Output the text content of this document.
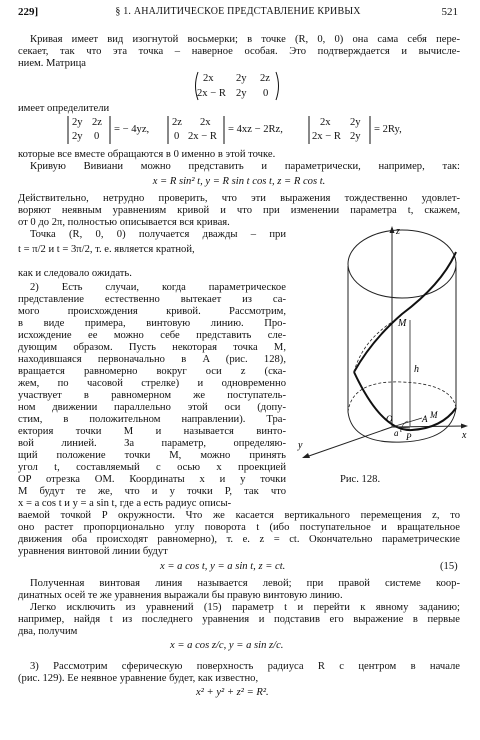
229]	§ 1. АНАЛИТИЧЕСКОЕ ПРЕДСТАВЛЕНИЕ КРИВЫХ	521
Кривая имеет вид изогнутой восьмерки; в точке (R, 0, 0) она сама себя пере-
секает, так что эта точка – наверное особая. Это подтверждается и вычисле-
нием. Матрица
2x 2y 2z
2x − R 2y 0
имеет определители
2y 2z
2y 0
= − 4yz,
2z 2x
0 2x − R
= 4xz − 2Rz,
2x 2y
2x − R 2y
= 2Ry,
которые все вместе обращаются в 0 именно в этой точке.
Кривую Вивиани можно представить и параметрически, например, так:
x = R sin² t, y = R sin t cos t, z = R cos t.
Действительно, нетрудно проверить, что эти выражения тождественно удовлет-
воряют неявным уравнениям кривой и что при изменении параметра t, скажем,
от 0 до 2π, полностью описывается вся кривая.
Точка (R, 0, 0) получается дважды – при
t = π/2 и t = 3π/2, т. е. является кратной,
как и следовало ожидать.
2) Есть случаи, когда параметрическое
представление естественно вытекает из са-
мого происхождения кривой. Рассмотрим,
в виде примера, винтовую линию. Про-
исхождение ее можно себе представить сле-
дующим образом. Пусть некоторая точка M,
находившаяся первоначально в A (рис. 128),
вращается равномерно вокруг оси z (ска-
жем, по часовой стрелке) и одновременно
участвует в равномерном же поступатель-
ном движении параллельно этой оси (допу-
стим, в положительном направлении). Тра-
ектория точки M и называется винто-
вой линией. За параметр, определяю-
щий положение точки M, можно принять
угол t, составляемый с осью x проекцией
OP отрезка OM. Координаты x и y точки
M будут те же, что и у точки P, так что
x = a cos t и y = a sin t, где a есть радиус описы-
ваемой точкой P окружности. Что же касается вертикального перемещения z, то
оно растет пропорционально углу поворота t (ибо поступательное и вращательное
движения оба происходят равномерно), т. е. z = ct. Окончательно параметрические
уравнения винтовой линии будут
x = a cos t, y = a sin t, z = ct.	(15)
Полученная винтовая линия называется левой; при правой системе коор-
динатных осей те же уравнения выражали бы правую винтовую линию.
Легко исключить из уравнений (15) параметр t и перейти к явному заданию;
например, найдя t из последнего уравнения и подставив его выражение в первые
два, получим
x = a cos z/c, y = a sin z/c.
3) Рассмотрим сферическую поверхность радиуса R с центром в начале
(рис. 129). Ее неявное уравнение будет, как известно,
x² + y² + z² = R².
z
y
x
M
h
O	A
P
a t
M
Рис. 128.
